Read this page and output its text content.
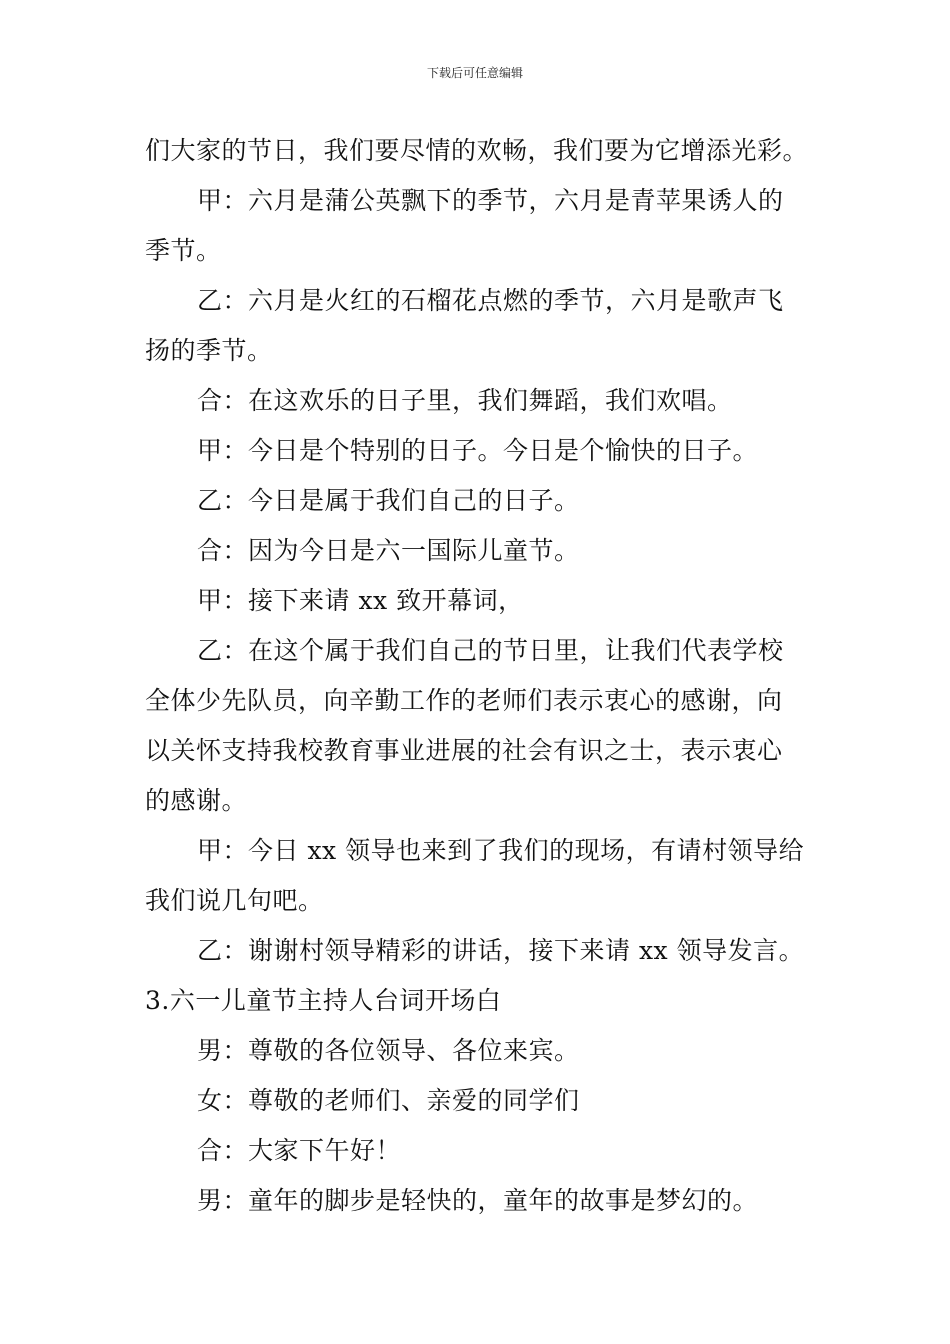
下载后可任意编辑
们大家的节日，我们要尽情的欢畅，我们要为它增添光彩。
甲：六月是蒲公英飘下的季节，六月是青苹果诱人的
季节。
乙：六月是火红的石榴花点燃的季节，六月是歌声飞
扬的季节。
合：在这欢乐的日子里，我们舞蹈，我们欢唱。
甲：今日是个特别的日子。今日是个愉快的日子。
乙：今日是属于我们自己的日子。
合：因为今日是六一国际儿童节。
甲：接下来请 xx 致开幕词，
乙：在这个属于我们自己的节日里，让我们代表学校
全体少先队员，向辛勤工作的老师们表示衷心的感谢，向
以关怀支持我校教育事业进展的社会有识之士，表示衷心
的感谢。
甲：今日 xx 领导也来到了我们的现场，有请村领导给
我们说几句吧。
乙：谢谢村领导精彩的讲话，接下来请 xx 领导发言。
3.六一儿童节主持人台词开场白
男：尊敬的各位领导、各位来宾。
女：尊敬的老师们、亲爱的同学们
合：大家下午好！
男：童年的脚步是轻快的，童年的故事是梦幻的。
